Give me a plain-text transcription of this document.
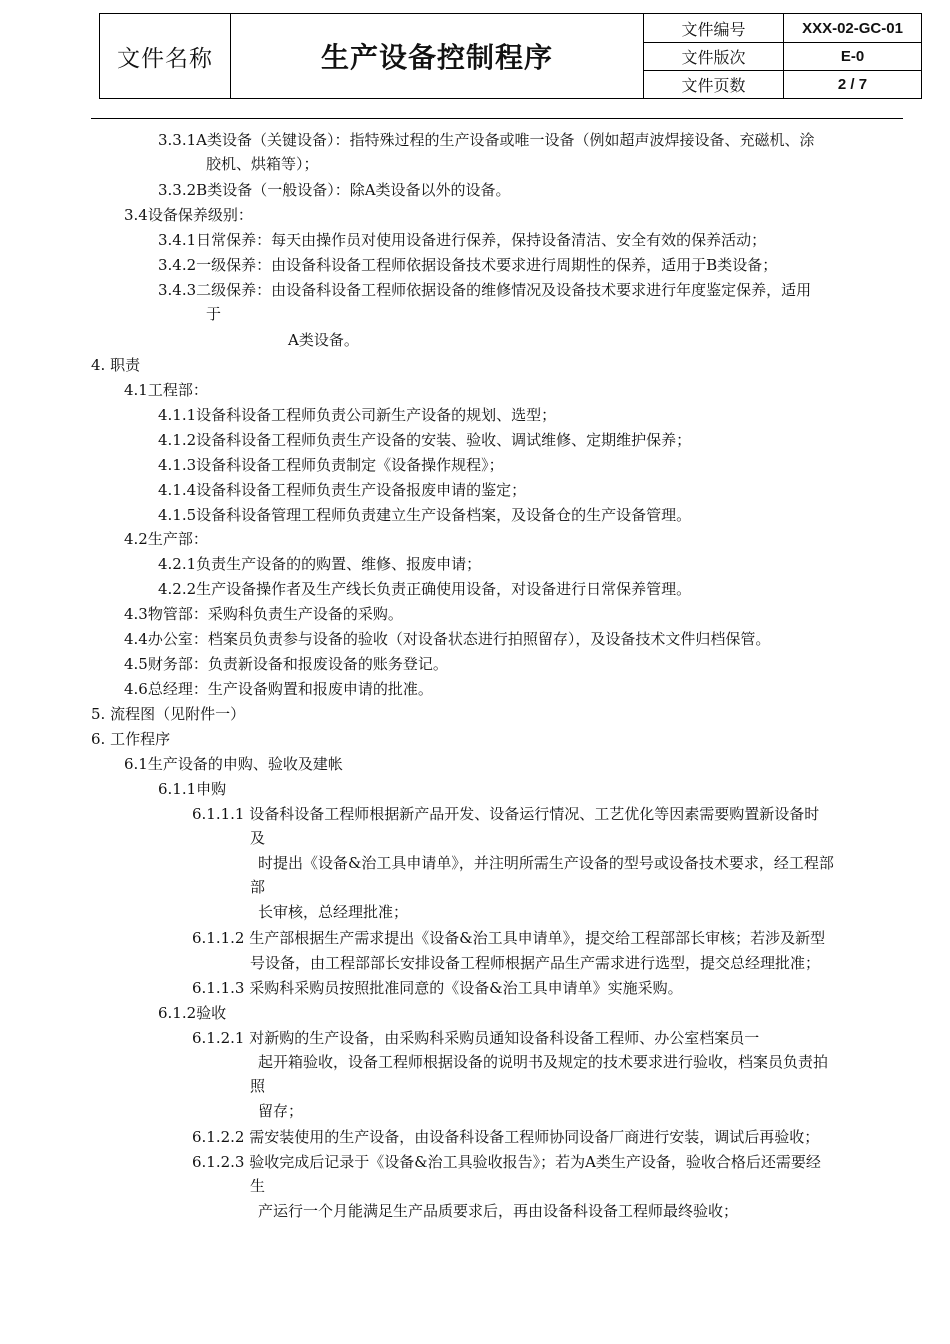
文件名称	生产设备控制程序
文件编号	XXX-02-GC-01
文件版次	E-0
文件页数	2 / 7
3.3.1A类设备（关键设备）：指特殊过程的生产设备或唯一设备（例如超声波焊接设备、充磁机、涂
胶机、烘箱等）；
3.3.2B类设备（一般设备）：除A类设备以外的设备。
3.4设备保养级别：
3.4.1日常保养：每天由操作员对使用设备进行保养，保持设备清洁、安全有效的保养活动；
3.4.2一级保养：由设备科设备工程师依据设备技术要求进行周期性的保养，适用于B类设备；
3.4.3二级保养：由设备科设备工程师依据设备的维修情况及设备技术要求进行年度鉴定保养，适用
于
A类设备。
4. 职责
4.1工程部：
4.1.1设备科设备工程师负责公司新生产设备的规划、选型；
4.1.2设备科设备工程师负责生产设备的安装、验收、调试维修、定期维护保养；
4.1.3设备科设备工程师负责制定《设备操作规程》；
4.1.4设备科设备工程师负责生产设备报废申请的鉴定；
4.1.5设备科设备管理工程师负责建立生产设备档案，及设备仓的生产设备管理。
4.2生产部：
4.2.1负责生产设备的的购置、维修、报废申请；
4.2.2生产设备操作者及生产线长负责正确使用设备，对设备进行日常保养管理。
4.3物管部：采购科负责生产设备的采购。
4.4办公室：档案员负责参与设备的验收（对设备状态进行拍照留存），及设备技术文件归档保管。
4.5财务部：负责新设备和报废设备的账务登记。
4.6总经理：生产设备购置和报废申请的批准。
5. 流程图（见附件一）
6. 工作程序
6.1生产设备的申购、验收及建帐
6.1.1申购
6.1.1.1 设备科设备工程师根据新产品开发、设备运行情况、工艺优化等因素需要购置新设备时
及
时提出《设备&治工具申请单》，并注明所需生产设备的型号或设备技术要求，经工程部
部
长审核，总经理批准；
6.1.1.2 生产部根据生产需求提出《设备&治工具申请单》，提交给工程部部长审核；若涉及新型
号设备，由工程部部长安排设备工程师根据产品生产需求进行选型，提交总经理批准；
6.1.1.3 采购科采购员按照批准同意的《设备&治工具申请单》实施采购。
6.1.2验收
6.1.2.1 对新购的生产设备，由采购科采购员通知设备科设备工程师、办公室档案员一
起开箱验收，设备工程师根据设备的说明书及规定的技术要求进行验收，档案员负责拍
照
留存；
6.1.2.2 需安装使用的生产设备，由设备科设备工程师协同设备厂商进行安装，调试后再验收；
6.1.2.3 验收完成后记录于《设备&治工具验收报告》；若为A类生产设备，验收合格后还需要经
生
产运行一个月能满足生产品质要求后，再由设备科设备工程师最终验收；
